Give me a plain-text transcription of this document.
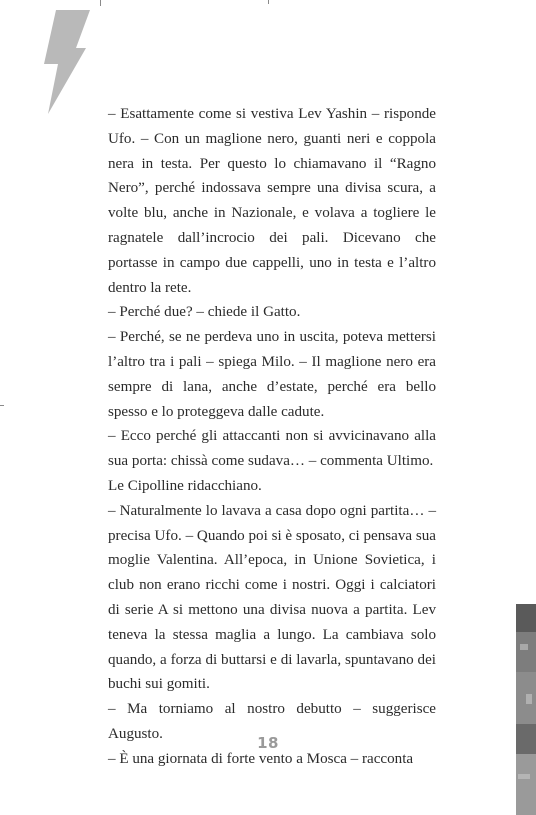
– Esattamente come si vestiva Lev Yashin – risponde Ufo. – Con un maglione nero, guanti neri e coppola nera in testa. Per questo lo chiamavano il “Ragno Nero”, perché indossava sempre una divisa scura, a volte blu, anche in Nazionale, e volava a togliere le ragnatele dall’incrocio dei pali. Dicevano che portasse in campo due cappelli, uno in testa e l’altro dentro la rete.

– Perché due? – chiede il Gatto.

– Perché, se ne perdeva uno in uscita, poteva mettersi l’altro tra i pali – spiega Milo. – Il maglione nero era sempre di lana, anche d’estate, perché era bello spesso e lo proteggeva dalle cadute.

– Ecco perché gli attaccanti non si avvicinavano alla sua porta: chissà come sudava… – commenta Ultimo.

Le Cipolline ridacchiano.

– Naturalmente lo lavava a casa dopo ogni partita… – precisa Ufo. – Quando poi si è sposato, ci pensava sua moglie Valentina. All’epoca, in Unione Sovietica, i club non erano ricchi come i nostri. Oggi i calciatori di serie A si mettono una divisa nuova a partita. Lev teneva la stessa maglia a lungo. La cambiava solo quando, a forza di buttarsi e di lavarla, spuntavano dei buchi sui gomiti.

– Ma torniamo al nostro debutto – suggerisce Augusto.

– È una giornata di forte vento a Mosca – racconta

18
